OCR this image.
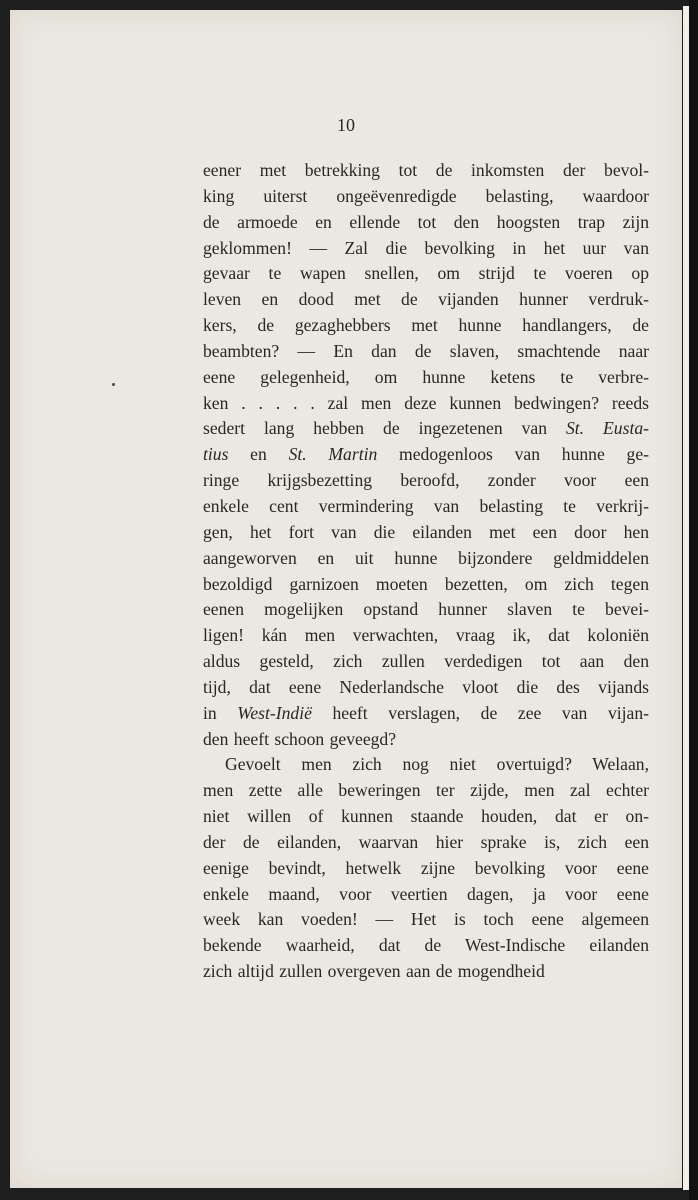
10
eener met betrekking tot de inkomsten der bevol-
king uiterst ongeëvenredigde belasting, waardoor
de armoede en ellende tot den hoogsten trap zijn
geklommen! — Zal die bevolking in het uur van
gevaar te wapen snellen, om strijd te voeren op
leven en dood met de vijanden hunner verdruk-
kers, de gezaghebbers met hunne handlangers, de
beambten? — En dan de slaven, smachtende naar
eene gelegenheid, om hunne ketens te verbre-
ken . . . . . zal men deze kunnen bedwingen? reeds
sedert lang hebben de ingezetenen van St. Eusta-
tius en St. Martin medogenloos van hunne ge-
ringe krijgsbezetting beroofd, zonder voor een
enkele cent vermindering van belasting te verkrij-
gen, het fort van die eilanden met een door hen
aangeworven en uit hunne bijzondere geldmiddelen
bezoldigd garnizoen moeten bezetten, om zich tegen
eenen mogelijken opstand hunner slaven te bevei-
ligen! kán men verwachten, vraag ik, dat koloniën
aldus gesteld, zich zullen verdedigen tot aan den
tijd, dat eene Nederlandsche vloot die des vijands
in West-Indië heeft verslagen, de zee van vijan-
den heeft schoon geveegd?
Gevoelt men zich nog niet overtuigd? Welaan,
men zette alle beweringen ter zijde, men zal echter
niet willen of kunnen staande houden, dat er on-
der de eilanden, waarvan hier sprake is, zich een
eenige bevindt, hetwelk zijne bevolking voor eene
enkele maand, voor veertien dagen, ja voor eene
week kan voeden! — Het is toch eene algemeen
bekende waarheid, dat de West-Indische eilanden
zich altijd zullen overgeven aan de mogendheid
